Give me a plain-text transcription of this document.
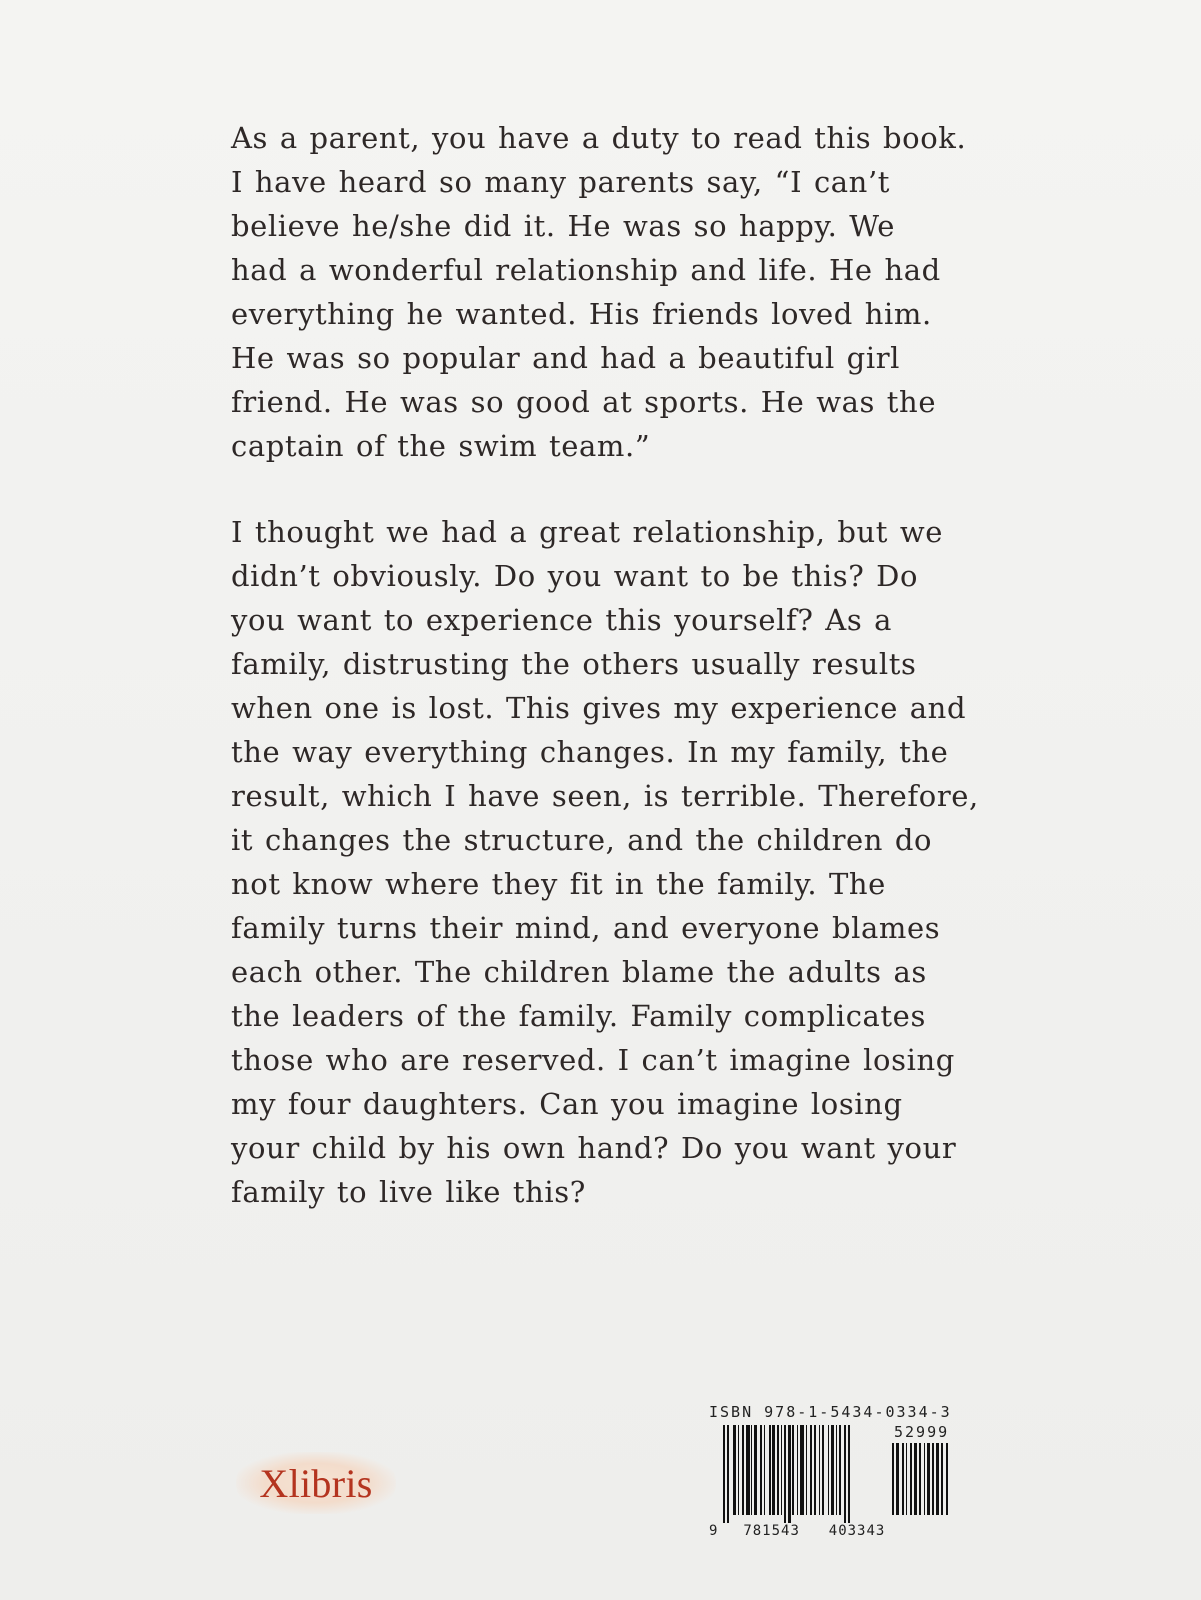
As a parent, you have a duty to read this book.
I have heard so many parents say, “I can’t
believe he/she did it. He was so happy. We
had a wonderful relationship and life. He had
everything he wanted. His friends loved him.
He was so popular and had a beautiful girl
friend. He was so good at sports. He was the
captain of the swim team.”

I thought we had a great relationship, but we
didn’t obviously. Do you want to be this? Do
you want to experience this yourself? As a
family, distrusting the others usually results
when one is lost. This gives my experience and
the way everything changes. In my family, the
result, which I have seen, is terrible. Therefore,
it changes the structure, and the children do
not know where they fit in the family. The
family turns their mind, and everyone blames
each other. The children blame the adults as
the leaders of the family. Family complicates
those who are reserved. I can’t imagine losing
my four daughters. Can you imagine losing
your child by his own hand? Do you want your
family to live like this?

Xlibris
ISBN 978-1-5434-0334-3
52999
9 781543 403343
